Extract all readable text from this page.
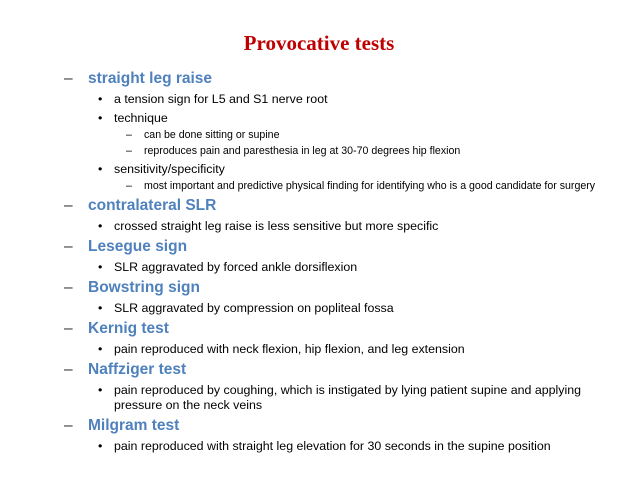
Provocative tests
– straight leg raise
• a tension sign for L5 and S1 nerve root
• technique
– can be done sitting or supine
– reproduces pain and paresthesia in leg at 30-70 degrees hip flexion
• sensitivity/specificity
– most important and predictive physical finding for identifying who is a good candidate for surgery
– contralateral SLR
• crossed straight leg raise is less sensitive but more specific
– Lesegue sign
• SLR aggravated by forced ankle dorsiflexion
– Bowstring sign
• SLR aggravated by compression on popliteal fossa
– Kernig test
• pain reproduced with neck flexion, hip flexion, and leg extension
– Naffziger test
• pain reproduced by coughing, which is instigated by lying patient supine and applying pressure on the neck veins
– Milgram test
• pain reproduced with straight leg elevation for 30 seconds in the supine position
